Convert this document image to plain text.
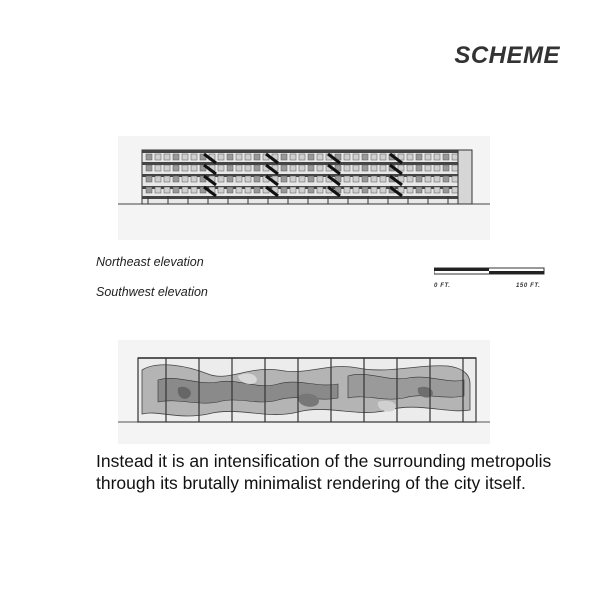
SCHEME
Northeast elevation
Southwest elevation	0 FT.	150 FT.
Instead it is an intensification of the surrounding metropolis through its brutally minimalist rendering of the city itself.
